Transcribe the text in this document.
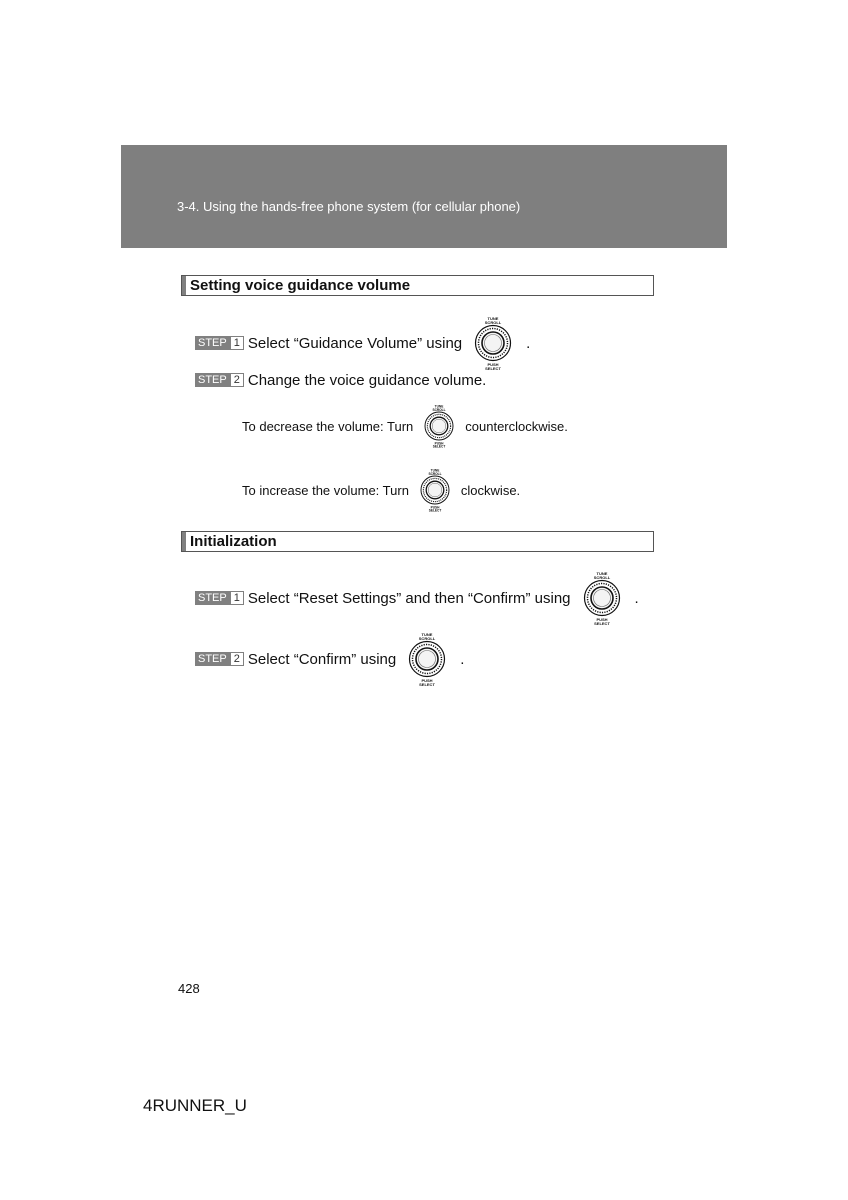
3-4. Using the hands-free phone system (for cellular phone)
Setting voice guidance volume
STEP 1 Select “Guidance Volume” using	.
STEP 2 Change the voice guidance volume.
To decrease the volume: Turn	counterclockwise.
To increase the volume: Turn	clockwise.
Initialization
STEP 1 Select “Reset Settings” and then “Confirm” using	.
STEP 2 Select “Confirm” using	.
428
4RUNNER_U
